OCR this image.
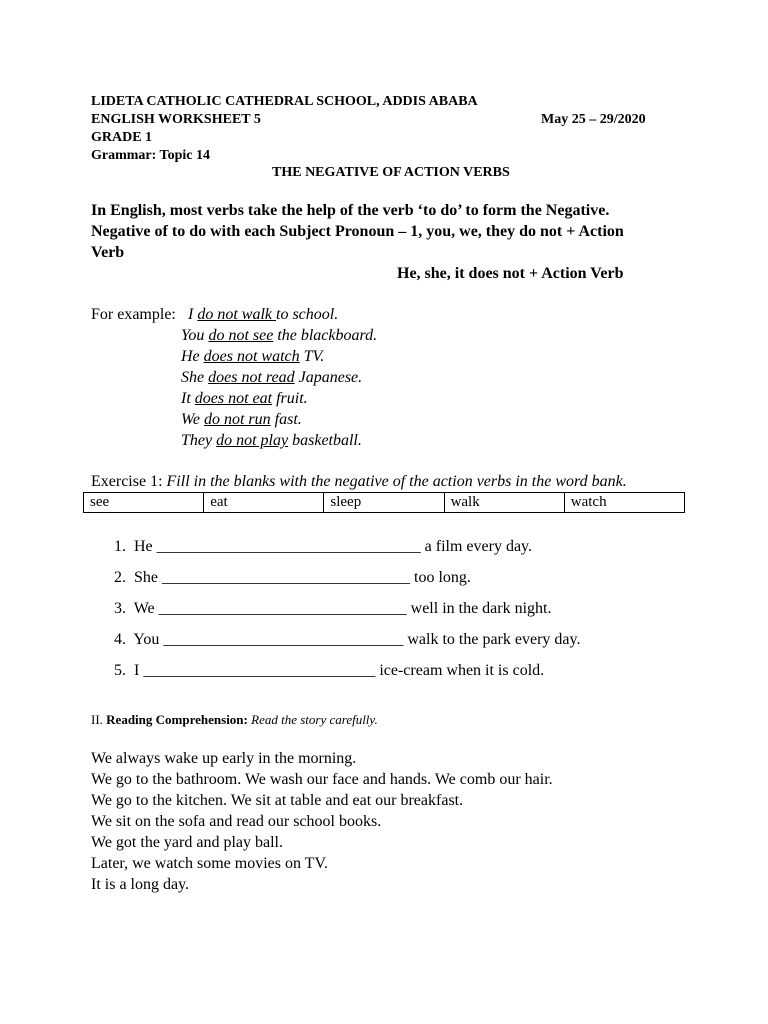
LIDETA CATHOLIC CATHEDRAL SCHOOL, ADDIS ABABA
ENGLISH WORKSHEET 5	May 25 – 29/2020
GRADE 1
Grammar: Topic 14
THE NEGATIVE OF ACTION VERBS
In English, most verbs take the help of the verb ‘to do’ to form the Negative.
Negative of to do with each Subject Pronoun – 1, you, we, they do not + Action
Verb
He, she, it does not + Action Verb
For example: I do not walk to school.
You do not see the blackboard.
He does not watch TV.
She does not read Japanese.
It does not eat fruit.
We do not run fast.
They do not play basketball.
Exercise 1: Fill in the blanks with the negative of the action verbs in the word bank.
see	eat	sleep	walk	watch
1. He _________________________________ a film every day.
2. She _______________________________ too long.
3. We _______________________________ well in the dark night.
4. You ______________________________ walk to the park every day.
5. I _____________________________ ice-cream when it is cold.
II. Reading Comprehension: Read the story carefully.
We always wake up early in the morning.
We go to the bathroom. We wash our face and hands. We comb our hair.
We go to the kitchen. We sit at table and eat our breakfast.
We sit on the sofa and read our school books.
We got the yard and play ball.
Later, we watch some movies on TV.
It is a long day.
